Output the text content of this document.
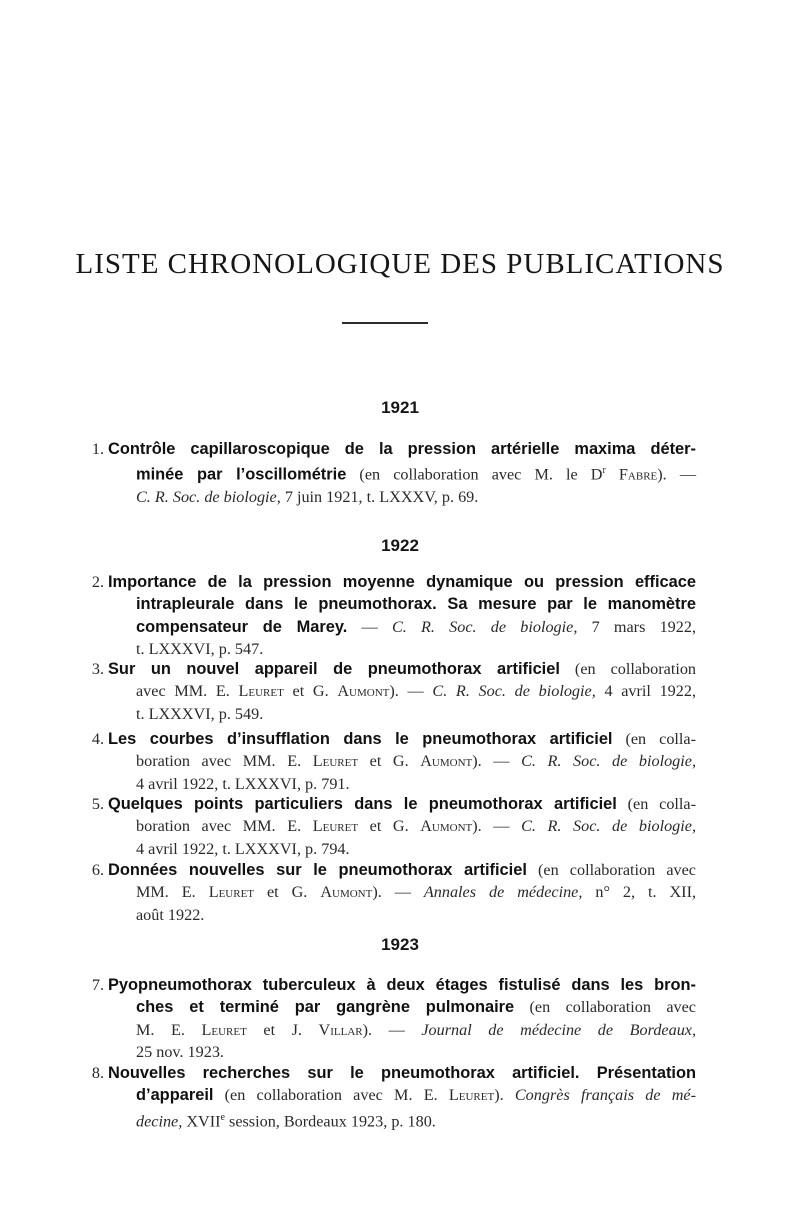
LISTE CHRONOLOGIQUE DES PUBLICATIONS
1921
1. Contrôle capillaroscopique de la pression artérielle maxima déter-
minée par l’oscillométrie (en collaboration avec M. le $D^r$ Fabre). —
C. R. Soc. de biologie, 7 juin 1921, t. LXXXV, p. 69.
1922
2. Importance de la pression moyenne dynamique ou pression efficace
intrapleurale dans le pneumothorax. Sa mesure par le manomètre
compensateur de Marey. — C. R. Soc. de biologie, 7 mars 1922,
t. LXXXVI, p. 547.
3. Sur un nouvel appareil de pneumothorax artificiel (en collaboration
avec MM. E. Leuret et G. Aumont). — C. R. Soc. de biologie, 4 avril 1922,
t. LXXXVI, p. 549.
4. Les courbes d’insufflation dans le pneumothorax artificiel (en colla-
boration avec MM. E. Leuret et G. Aumont). — C. R. Soc. de biologie,
4 avril 1922, t. LXXXVI, p. 791.
5. Quelques points particuliers dans le pneumothorax artificiel (en colla-
boration avec MM. E. Leuret et G. Aumont). — C. R. Soc. de biologie,
4 avril 1922, t. LXXXVI, p. 794.
6. Données nouvelles sur le pneumothorax artificiel (en collaboration avec
MM. E. Leuret et G. Aumont). — Annales de médecine, n° 2, t. XII,
août 1922.
1923
7. Pyopneumothorax tuberculeux à deux étages fistulisé dans les bron-
ches et terminé par gangrène pulmonaire (en collaboration avec
M. E. Leuret et J. Villar). — Journal de médecine de Bordeaux,
25 nov. 1923.
8. Nouvelles recherches sur le pneumothorax artificiel. Présentation
d’appareil (en collaboration avec M. E. Leuret). Congrès français de mé-
decine, XVIIe session, Bordeaux 1923, p. 180.
